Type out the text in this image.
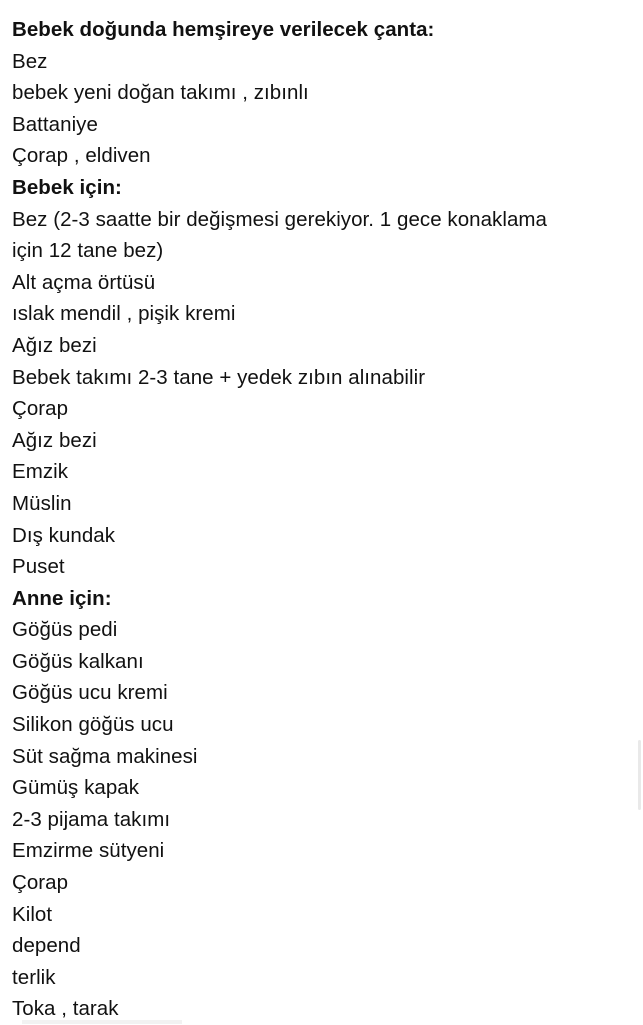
Bebek doğunda hemşireye verilecek çanta:
Bez
bebek yeni doğan takımı , zıbınlı
Battaniye
Çorap , eldiven
Bebek için:
Bez (2-3 saatte bir değişmesi gerekiyor. 1 gece konaklama
için 12 tane bez)
Alt açma örtüsü
ıslak mendil , pişik kremi
Ağız bezi
Bebek takımı 2-3 tane + yedek zıbın alınabilir
Çorap
Ağız bezi
Emzik
Müslin
Dış kundak
Puset
Anne için:
Göğüs pedi
Göğüs kalkanı
Göğüs ucu kremi
Silikon göğüs ucu
Süt sağma makinesi
Gümüş kapak
2-3 pijama takımı
Emzirme sütyeni
Çorap
Kilot
depend
terlik
Toka , tarak
